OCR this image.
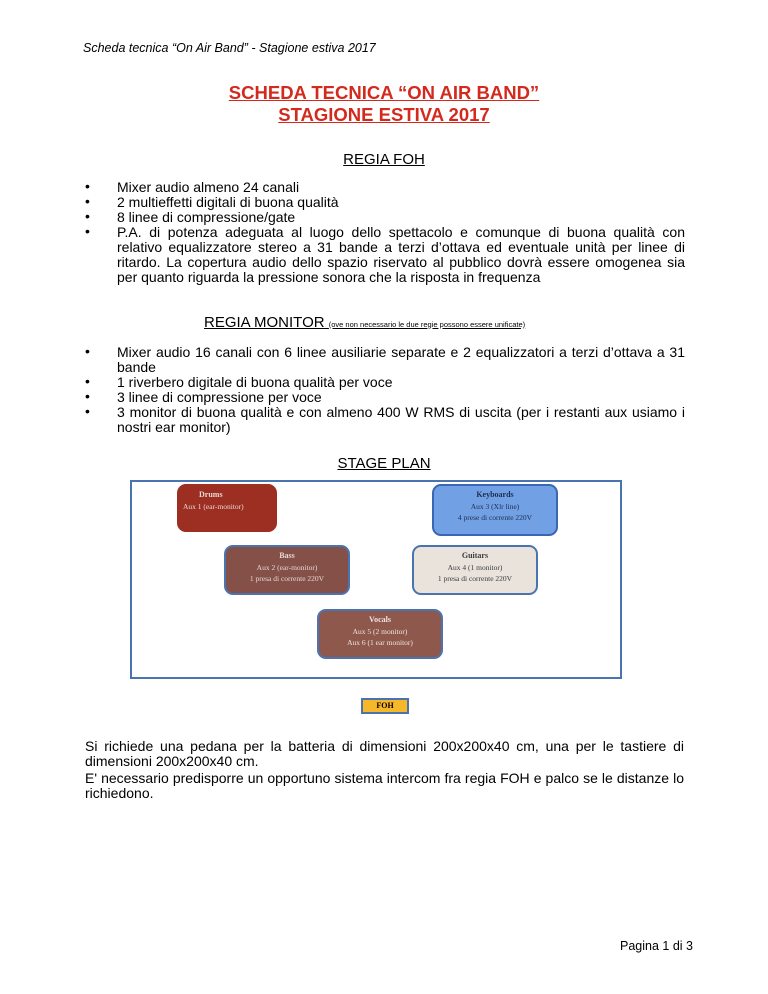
Scheda tecnica “On Air Band” - Stagione estiva 2017
SCHEDA TECNICA “ON AIR BAND”
STAGIONE ESTIVA 2017
REGIA FOH
• Mixer audio almeno 24 canali
• 2 multieffetti digitali di buona qualità
• 8 linee di compressione/gate
• P.A. di potenza adeguata al luogo dello spettacolo e comunque di buona qualità con relativo equalizzatore stereo a 31 bande a terzi d’ottava ed eventuale unità per linee di ritardo. La copertura audio dello spazio riservato al pubblico dovrà essere omogenea sia per quanto riguarda la pressione sonora che la risposta in frequenza
REGIA MONITOR (ove non necessario le due regie possono essere unificate)
• Mixer audio 16 canali con 6 linee ausiliarie separate e 2 equalizzatori a terzi d’ottava a 31 bande
• 1 riverbero digitale di buona qualità per voce
• 3 linee di compressione per voce
• 3 monitor di buona qualità e con almeno 400 W RMS di uscita (per i restanti aux usiamo i nostri ear monitor)
STAGE PLAN
Drums
Aux 1 (ear-monitor)
Keyboards
Aux 3 (Xlr line)
4 prese di corrente 220V
Bass
Aux 2 (ear-monitor)
1 presa di corrente 220V
Guitars
Aux 4 (1 monitor)
1 presa di corrente 220V
Vocals
Aux 5 (2 monitor)
Aux 6 (1 ear monitor)
FOH
Si richiede una pedana per la batteria di dimensioni 200x200x40 cm, una per le tastiere di dimensioni 200x200x40 cm.
E' necessario predisporre un opportuno sistema intercom fra regia FOH e palco se le distanze lo richiedono.
Pagina 1 di 3
